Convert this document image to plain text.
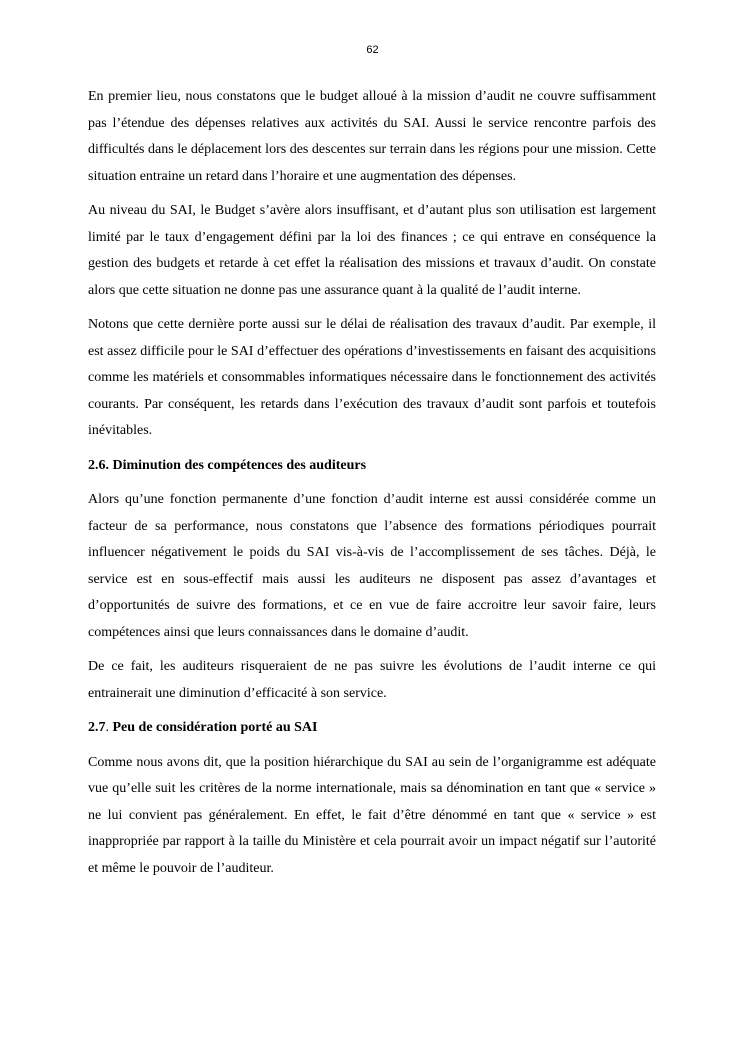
62

En premier lieu, nous constatons que le budget alloué à la mission d’audit ne couvre suffisamment pas l’étendue des dépenses relatives aux activités du SAI. Aussi le service rencontre parfois des difficultés dans le déplacement lors des descentes sur terrain dans les régions pour une mission. Cette situation entraine un retard dans l’horaire et une augmentation des dépenses.

Au niveau du SAI, le Budget s’avère alors insuffisant, et d’autant plus son utilisation est largement limité par le taux d’engagement défini par la loi des finances ; ce qui entrave en conséquence la gestion des budgets et retarde à cet effet la réalisation des missions et travaux d’audit. On constate alors que cette situation ne donne pas une assurance quant à la qualité de l’audit interne.

Notons que cette dernière porte aussi sur le délai de réalisation des travaux d’audit. Par exemple, il est assez difficile pour le SAI d’effectuer des opérations d’investissements en faisant des acquisitions comme les matériels et consommables informatiques nécessaire dans le fonctionnement des activités courants. Par conséquent, les retards dans l’exécution des travaux d’audit sont parfois et toutefois inévitables.

2.6. Diminution des compétences des auditeurs

Alors qu’une fonction permanente d’une fonction d’audit interne est aussi considérée comme un facteur de sa performance, nous constatons que l’absence des formations périodiques pourrait influencer négativement le poids du SAI vis-à-vis de l’accomplissement de ses tâches. Déjà, le service est en sous-effectif mais aussi les auditeurs ne disposent pas assez d’avantages et d’opportunités de suivre des formations, et ce en vue de faire accroitre leur savoir faire, leurs compétences ainsi que leurs connaissances dans le domaine d’audit.

De ce fait, les auditeurs risqueraient de ne pas suivre les évolutions de l’audit interne ce qui entrainerait une diminution d’efficacité à son service.

2.7. Peu de considération porté au SAI

Comme nous avons dit, que la position hiérarchique du SAI au sein de l’organigramme est adéquate vue qu’elle suit les critères de la norme internationale, mais sa dénomination en tant que « service » ne lui convient pas généralement. En effet, le fait d’être dénommé en tant que « service » est inappropriée par rapport à la taille du Ministère et cela pourrait avoir un impact négatif sur l’autorité et même le pouvoir de l’auditeur.
